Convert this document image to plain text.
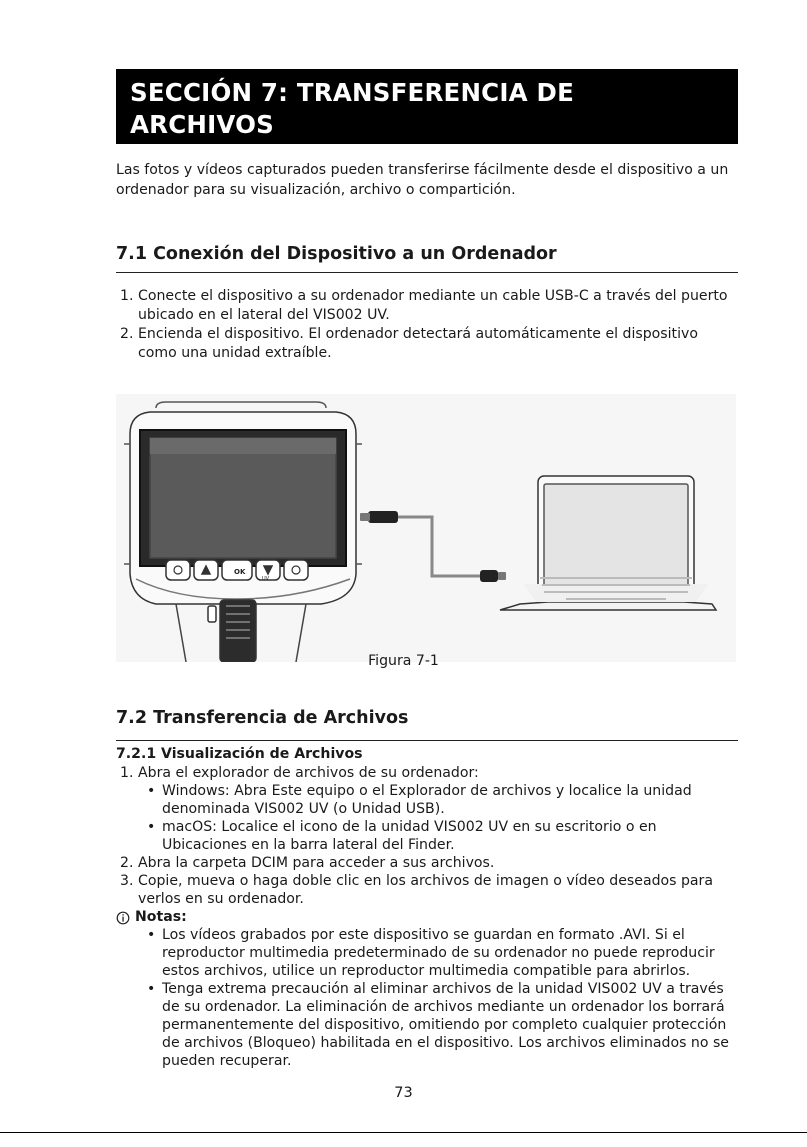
SECCIÓN 7: TRANSFERENCIA DE
ARCHIVOS
Las fotos y vídeos capturados pueden transferirse fácilmente desde el dispositivo a un
ordenador para su visualización, archivo o compartición.
7.1 Conexión del Dispositivo a un Ordenador
1. Conecte el dispositivo a su ordenador mediante un cable USB-C a través del puerto
ubicado en el lateral del VIS002 UV.
2. Encienda el dispositivo. El ordenador detectará automáticamente el dispositivo
como una unidad extraíble.
OK
UV
Figura 7-1
7.2 Transferencia de Archivos
7.2.1 Visualización de Archivos
1. Abra el explorador de archivos de su ordenador:
• Windows: Abra Este equipo o el Explorador de archivos y localice la unidad
denominada VIS002 UV (o Unidad USB).
• macOS: Localice el icono de la unidad VIS002 UV en su escritorio o en
Ubicaciones en la barra lateral del Finder.
2. Abra la carpeta DCIM para acceder a sus archivos.
3. Copie, mueva o haga doble clic en los archivos de imagen o vídeo deseados para
verlos en su ordenador.
Notas:
• Los vídeos grabados por este dispositivo se guardan en formato .AVI. Si el
reproductor multimedia predeterminado de su ordenador no puede reproducir
estos archivos, utilice un reproductor multimedia compatible para abrirlos.
• Tenga extrema precaución al eliminar archivos de la unidad VIS002 UV a través
de su ordenador. La eliminación de archivos mediante un ordenador los borrará
permanentemente del dispositivo, omitiendo por completo cualquier protección
de archivos (Bloqueo) habilitada en el dispositivo. Los archivos eliminados no se
pueden recuperar.
73
